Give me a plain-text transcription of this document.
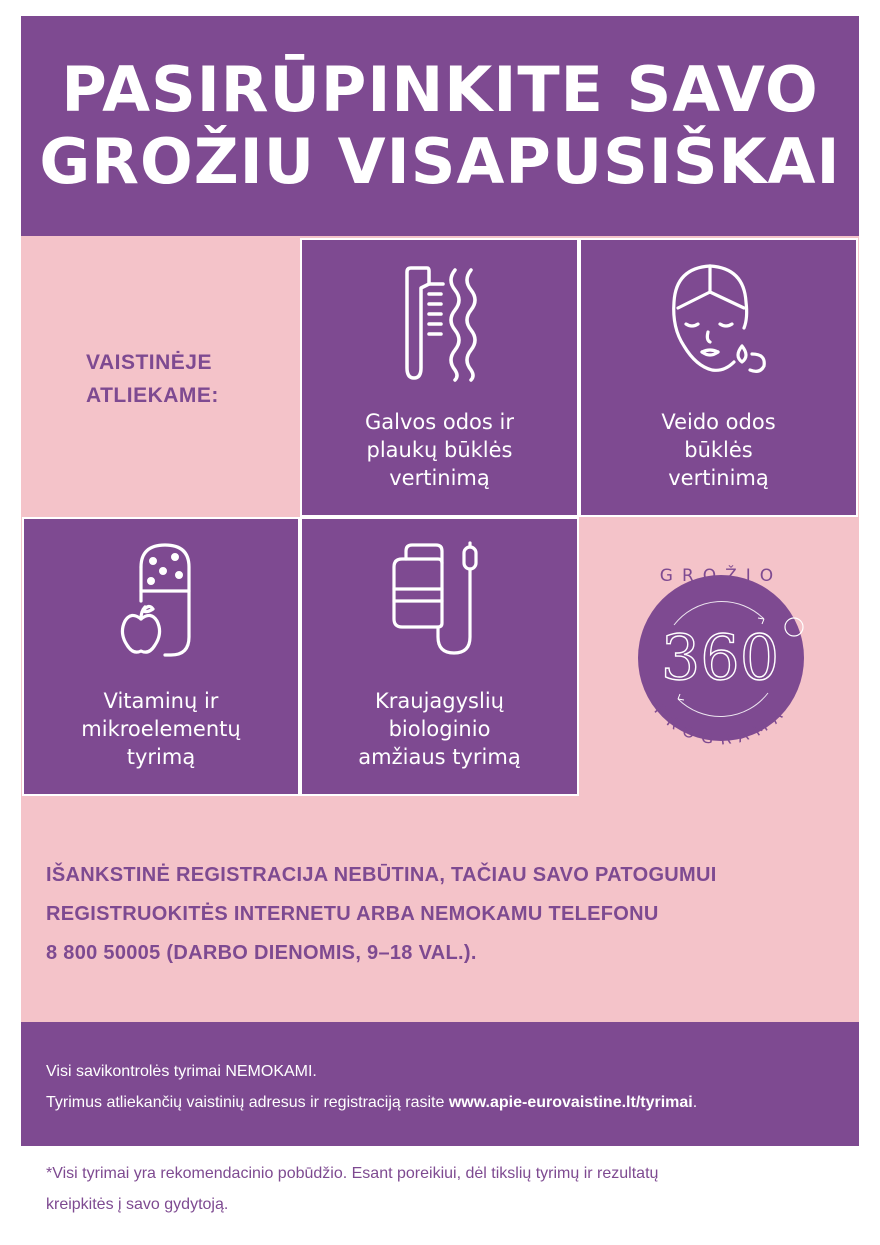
PASIRŪPINKITE SAVO
GROŽIU VISAPUSIŠKAI
VAISTINĖJE
ATLIEKAME:
Galvos odos ir
plaukų būklės
vertinimą
Veido odos
būklės
vertinimą
Vitaminų ir
mikroelementų
tyrimą
Kraujagyslių
biologinio
amžiaus tyrimą
GROŽIO
360
PROGRAMA
IŠANKSTINĖ REGISTRACIJA NEBŪTINA, TAČIAU SAVO PATOGUMUI
REGISTRUOKITĖS INTERNETU ARBA NEMOKAMU TELEFONU
8 800 50005 (DARBO DIENOMIS, 9–18 VAL.).
Visi savikontrolės tyrimai NEMOKAMI.
Tyrimus atliekančių vaistinių adresus ir registraciją rasite www.apie-eurovaistine.lt/tyrimai.
*Visi tyrimai yra rekomendacinio pobūdžio. Esant poreikiui, dėl tikslių tyrimų ir rezultatų
kreipkitės į savo gydytoją.
